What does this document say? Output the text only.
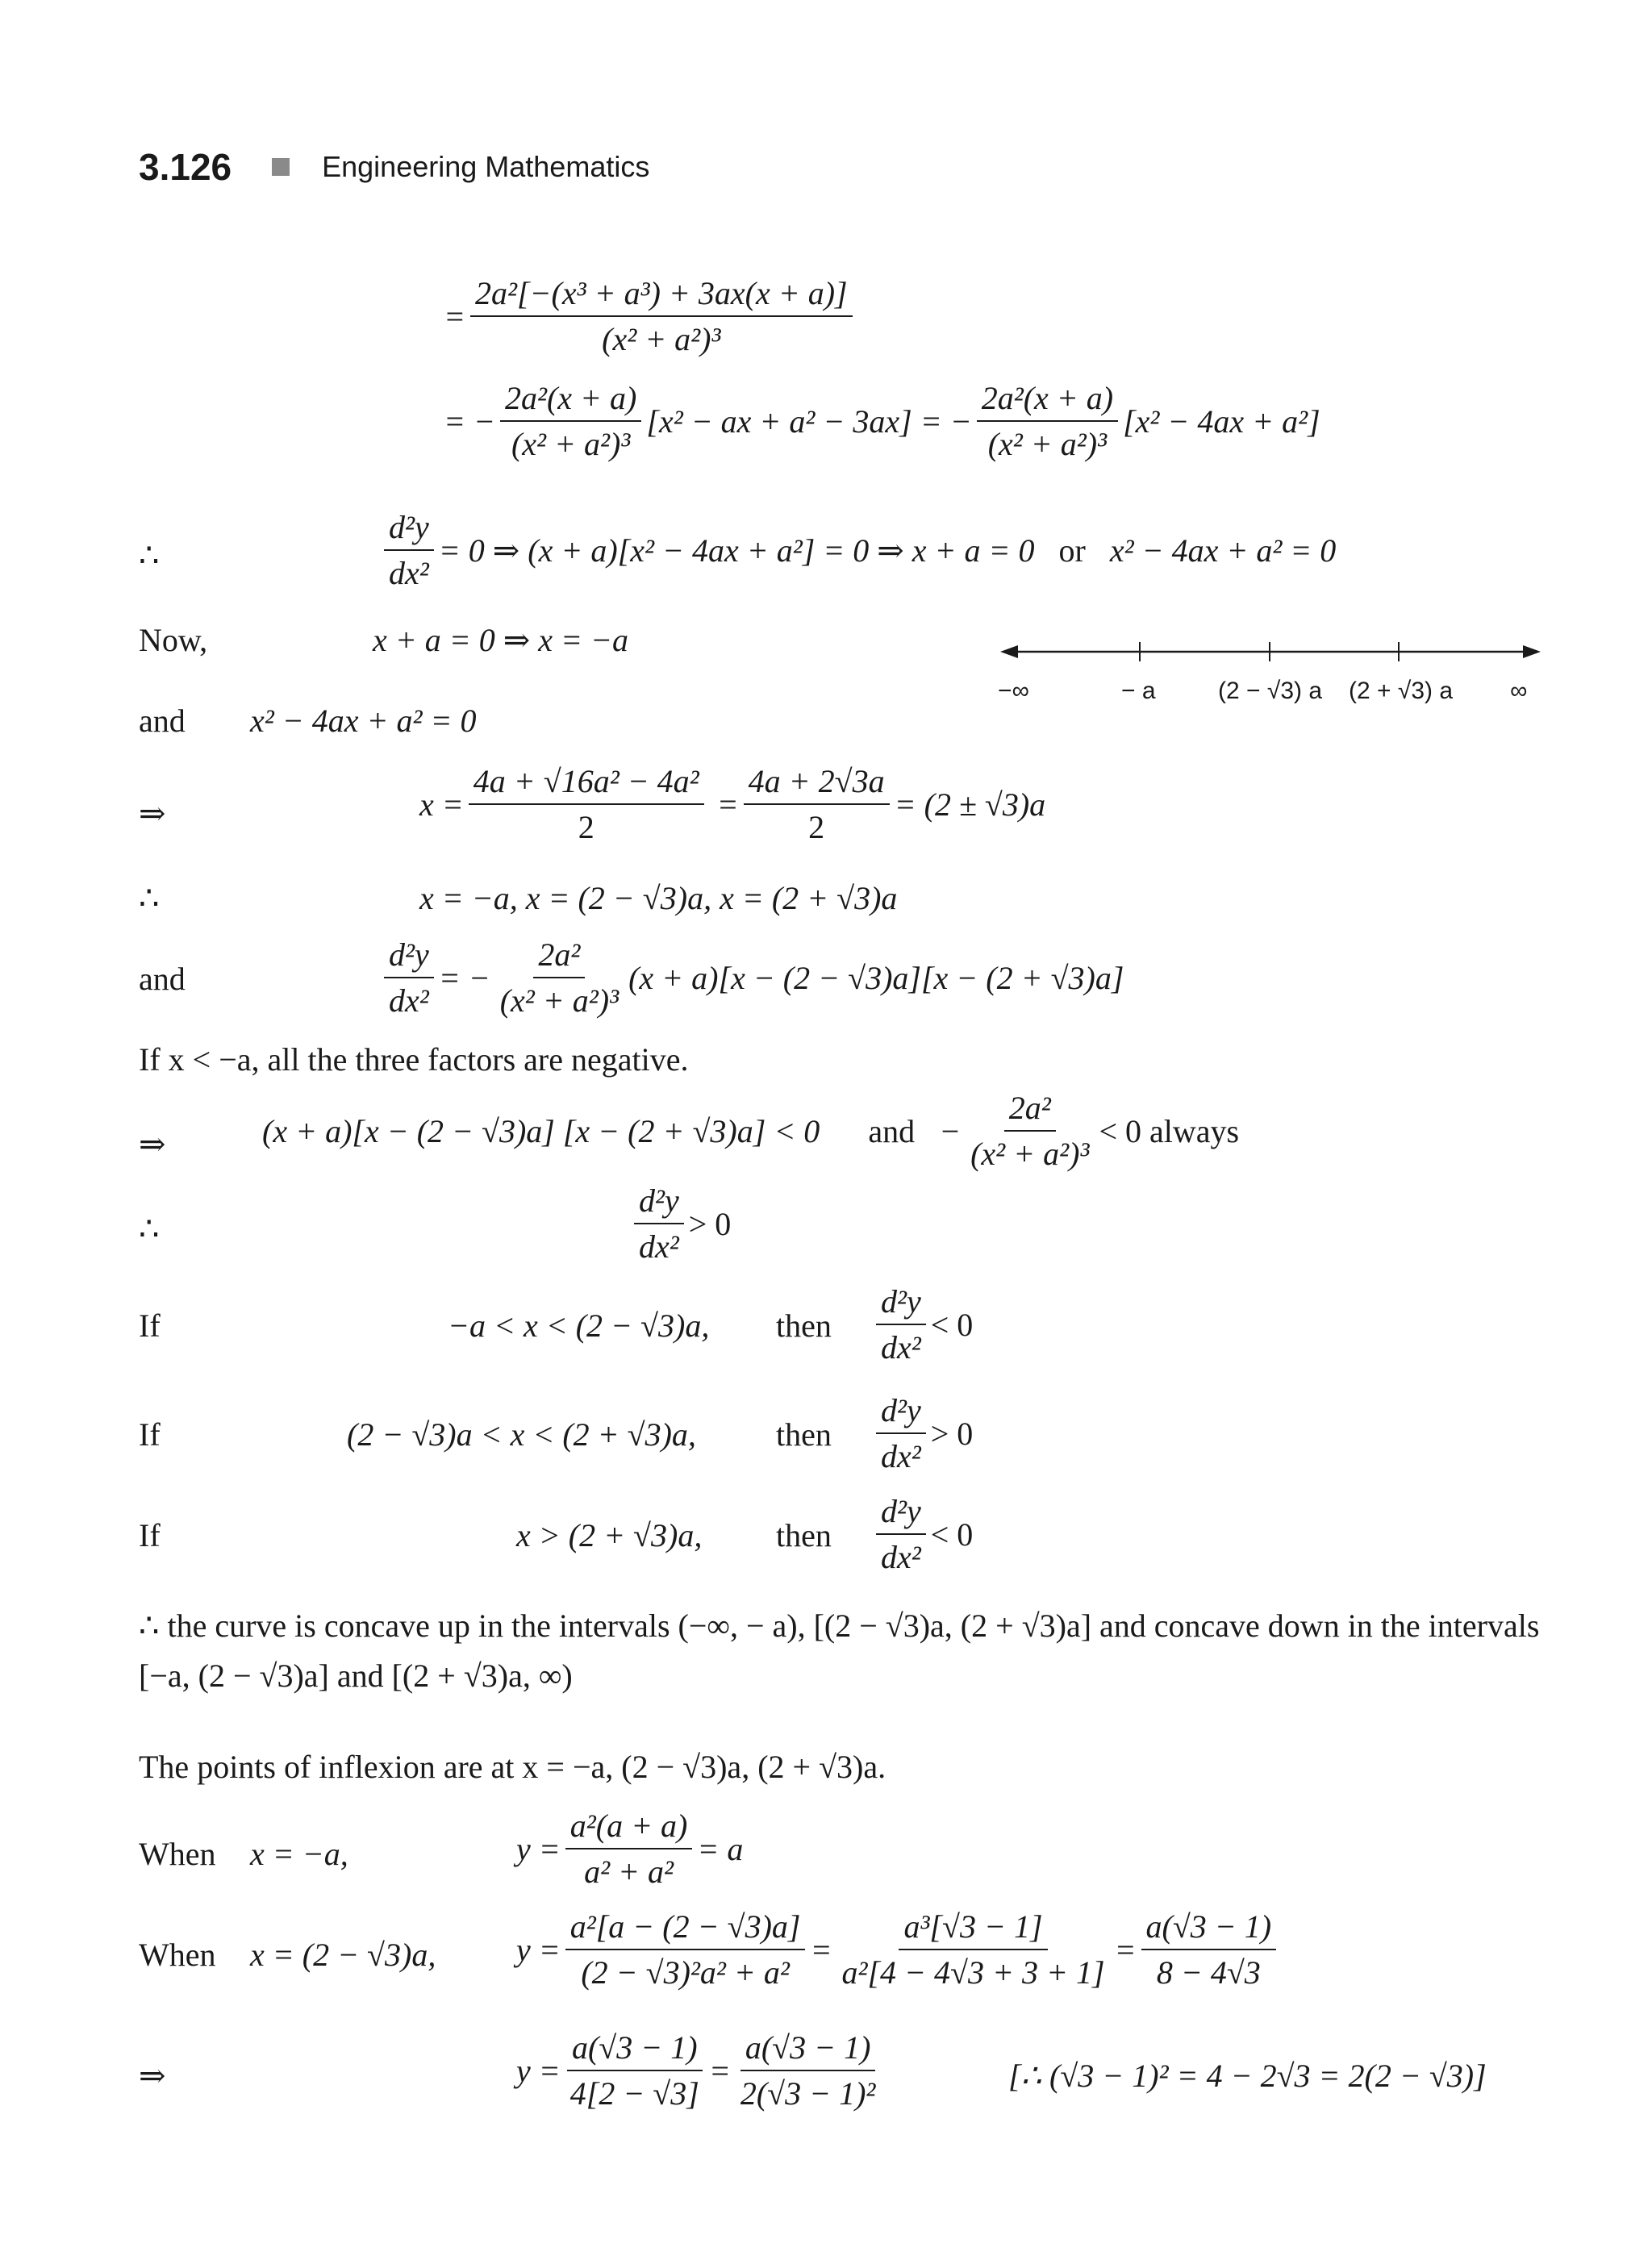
3.126	Engineering Mathematics
= $\frac{\text{2a²[−(x³ + a³) + 3ax(x + a)]}}{\text{(x² + a²)³}}$
= − $\frac{\text{2a²(x + a)}}{\text{(x² + a²)³}} [x^2$ − ax + a² − 3ax] = − $\frac{\text{2a²(x + a)}}{\text{(x² + a²)³}} [x^2 - 4ax + a^2]$
∴	$\frac{\text{d²y}}{\text{dx²}} = 0$ ⇒ (x + a)[x² − 4ax + a²] = 0 ⇒ x + a = 0 or x² − 4ax + a² = 0
Now,	x + a = 0 ⇒ x = −a
−∞	− a	(2 − √3) a (2 + √3) a ∞
and x² − 4ax + a² = 0
⇒	$x = \frac{\text{4a + √16a² − 4a²}}{2} = \frac{4a + 2√3a}{2} = (2 \pm √3)a$
∴	x = −a, x = (2 − √3)a, x = (2 + √3)a
and	$\frac{\text{d²y}}{\text{dx²}}$ = − $\frac{\text{2a²}}{\text{(x² + a²)³}} (x + a)[x - (2 - √3)a][x - (2 + √3)a]$
If x < −a, all the three factors are negative.
⇒	(x + a)[x − (2 − √3)a] [x − (2 + √3)a] < 0 and − $\frac{\text{2a²}}{\text{(x² + a²)³}} < 0$ always
∴	$\frac{\text{d²y}}{\text{dx²}} > 0$
If	−a < x < (2 − √3)a, then $\frac{\text{d²y}}{\text{dx²}} < 0$
If	(2 − √3)a < x < (2 + √3)a, then $\frac{\text{d²y}}{\text{dx²}} > 0$
If	x > (2 + √3)a, then $\frac{\text{d²y}}{\text{dx²}} < 0$
∴ the curve is concave up in the intervals (−∞, − a), [(2 − √3)a, (2 + √3)a] and concave down in the intervals [−a, (2 − √3)a] and [(2 + √3)a, ∞)
The points of inflexion are at x = −a, (2 − √3)a, (2 + √3)a.
When x = −a,	$y = \frac{\text{a²(a + a)}}{\text{a² + a²}} = a$
When x = (2 − √3)a, $y = \frac{\text{a²[a − (2 − √3)a]}}{\text{(2 − √3)²a² + a²}} = \frac{\text{a³[√3 − 1]}}{\text{a²[4 − 4√3 + 3 + 1]}} = \frac{a(√3 - 1)}{8 - 4√3}$
⇒	$y = \frac{a(√3 - 1)}{4[2 - √3]} = \frac{a(√3 - 1)}{\text{2(√3 − 1)²}}$	[∴ (√3 − 1)² = 4 − 2√3 = 2(2 − √3)]
